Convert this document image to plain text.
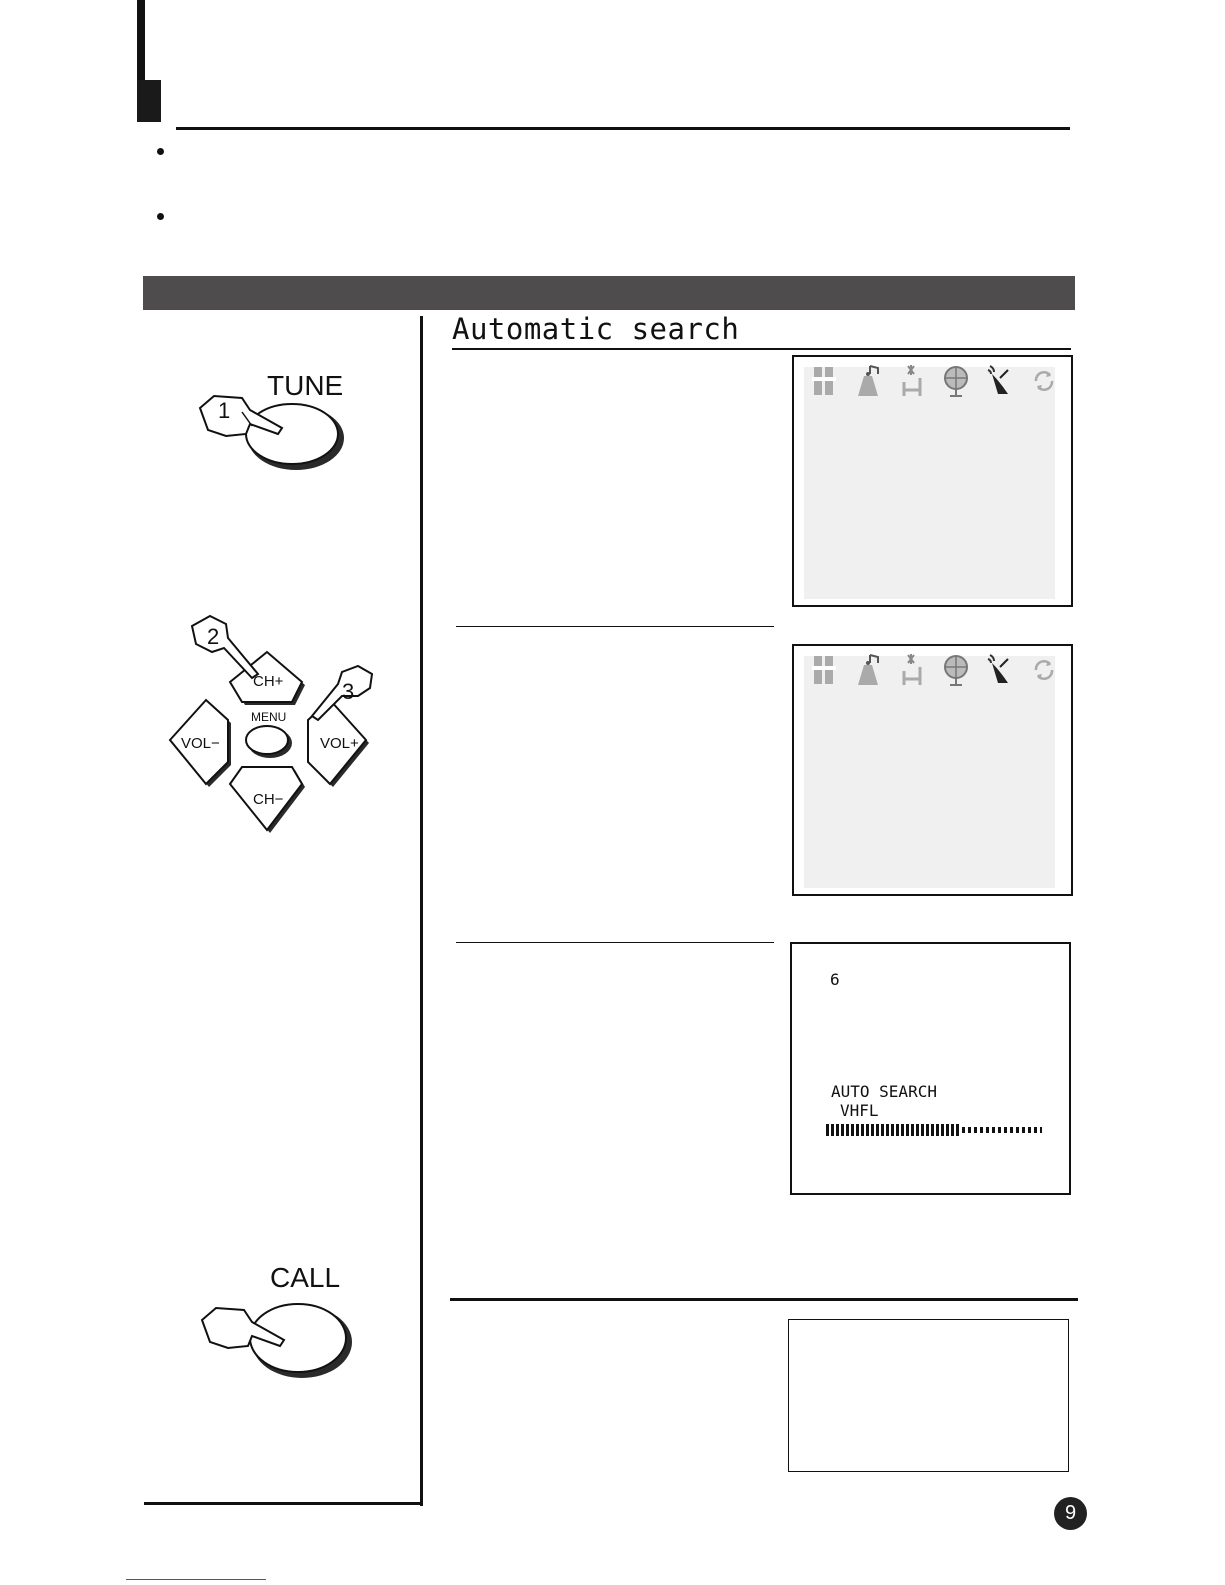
TUNE
1
2
3
CH+
CH−
VOL−	VOL+
MENU
CALL
Automatic search
6
AUTO SEARCH
VHFL
9
